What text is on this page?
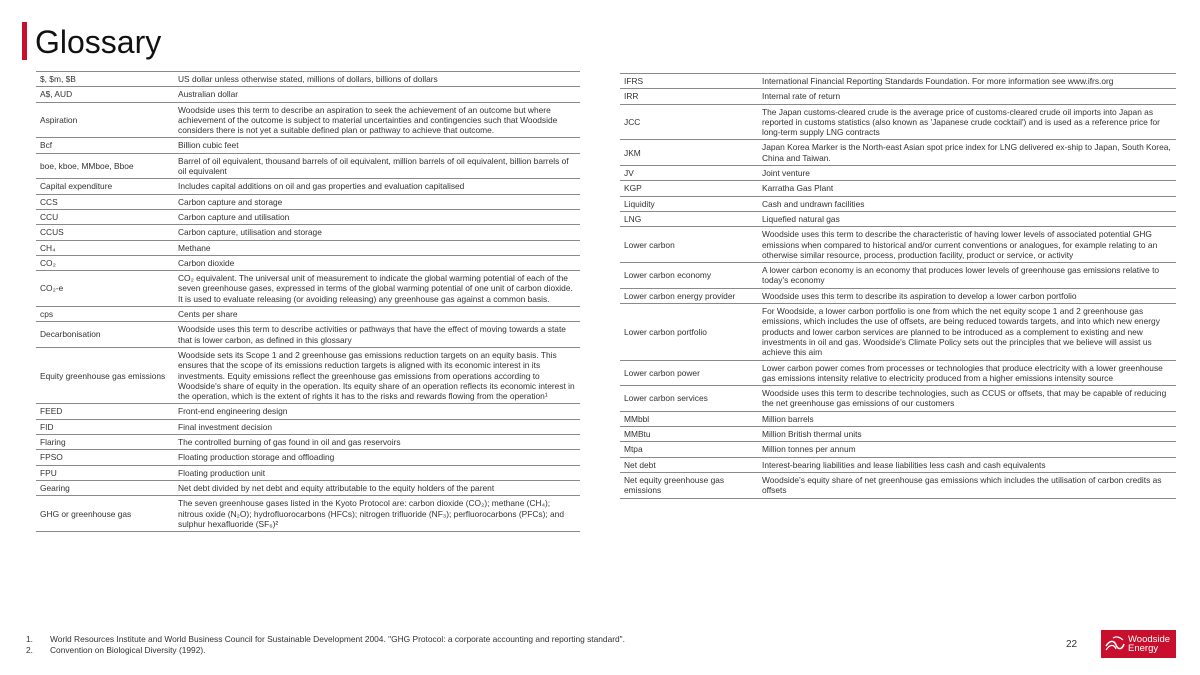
Glossary
$, $m, $B	US dollar unless otherwise stated, millions of dollars, billions of dollars
A$, AUD	Australian dollar
Aspiration	Woodside uses this term to describe an aspiration to seek the achievement of an outcome but where achievement of the outcome is subject to material uncertainties and contingencies such that Woodside considers there is not yet a suitable defined plan or pathway to achieve that outcome.
Bcf	Billion cubic feet
boe, kboe, MMboe, Bboe	Barrel of oil equivalent, thousand barrels of oil equivalent, million barrels of oil equivalent, billion barrels of oil equivalent
Capital expenditure	Includes capital additions on oil and gas properties and evaluation capitalised
CCS	Carbon capture and storage
CCU	Carbon capture and utilisation
CCUS	Carbon capture, utilisation and storage
CH₄	Methane
CO₂	Carbon dioxide
CO₂-e	CO₂ equivalent. The universal unit of measurement to indicate the global warming potential of each of the seven greenhouse gases, expressed in terms of the global warming potential of one unit of carbon dioxide. It is used to evaluate releasing (or avoiding releasing) any greenhouse gas against a common basis.
cps	Cents per share
Decarbonisation	Woodside uses this term to describe activities or pathways that have the effect of moving towards a state that is lower carbon, as defined in this glossary
Equity greenhouse gas emissions	Woodside sets its Scope 1 and 2 greenhouse gas emissions reduction targets on an equity basis. This ensures that the scope of its emissions reduction targets is aligned with its economic interest in its investments. Equity emissions reflect the greenhouse gas emissions from operations according to Woodside's share of equity in the operation. Its equity share of an operation reflects its economic interest in the operation, which is the extent of rights it has to the risks and rewards flowing from the operation¹
FEED	Front-end engineering design
FID	Final investment decision
Flaring	The controlled burning of gas found in oil and gas reservoirs
FPSO	Floating production storage and offloading
FPU	Floating production unit
Gearing	Net debt divided by net debt and equity attributable to the equity holders of the parent
GHG or greenhouse gas	The seven greenhouse gases listed in the Kyoto Protocol are: carbon dioxide (CO₂); methane (CH₄); nitrous oxide (N₂O); hydrofluorocarbons (HFCs); nitrogen trifluoride (NF₃); perfluorocarbons (PFCs); and sulphur hexafluoride (SF₆)²
IFRS	International Financial Reporting Standards Foundation. For more information see www.ifrs.org
IRR	Internal rate of return
JCC	The Japan customs-cleared crude is the average price of customs-cleared crude oil imports into Japan as reported in customs statistics (also known as 'Japanese crude cocktail') and is used as a reference price for long-term supply LNG contracts
JKM	Japan Korea Marker is the North-east Asian spot price index for LNG delivered ex-ship to Japan, South Korea, China and Taiwan.
JV	Joint venture
KGP	Karratha Gas Plant
Liquidity	Cash and undrawn facilities
LNG	Liquefied natural gas
Lower carbon	Woodside uses this term to describe the characteristic of having lower levels of associated potential GHG emissions when compared to historical and/or current conventions or analogues, for example relating to an otherwise similar resource, process, production facility, product or service, or activity
Lower carbon economy	A lower carbon economy is an economy that produces lower levels of greenhouse gas emissions relative to today's economy
Lower carbon energy provider	Woodside uses this term to describe its aspiration to develop a lower carbon portfolio
Lower carbon portfolio	For Woodside, a lower carbon portfolio is one from which the net equity scope 1 and 2 greenhouse gas emissions, which includes the use of offsets, are being reduced towards targets, and into which new energy products and lower carbon services are planned to be introduced as a complement to existing and new investments in oil and gas. Woodside's Climate Policy sets out the principles that we believe will assist us achieve this aim
Lower carbon power	Lower carbon power comes from processes or technologies that produce electricity with a lower greenhouse gas emissions intensity relative to electricity produced from a higher emissions intensity source
Lower carbon services	Woodside uses this term to describe technologies, such as CCUS or offsets, that may be capable of reducing the net greenhouse gas emissions of our customers
MMbbl	Million barrels
MMBtu	Million British thermal units
Mtpa	Million tonnes per annum
Net debt	Interest-bearing liabilities and lease liabilities less cash and cash equivalents
Net equity greenhouse gas emissions	Woodside's equity share of net greenhouse gas emissions which includes the utilisation of carbon credits as offsets
1.	World Resources Institute and World Business Council for Sustainable Development 2004. "GHG Protocol: a corporate accounting and reporting standard".
2.	Convention on Biological Diversity (1992).	22	Woodside
Energy
